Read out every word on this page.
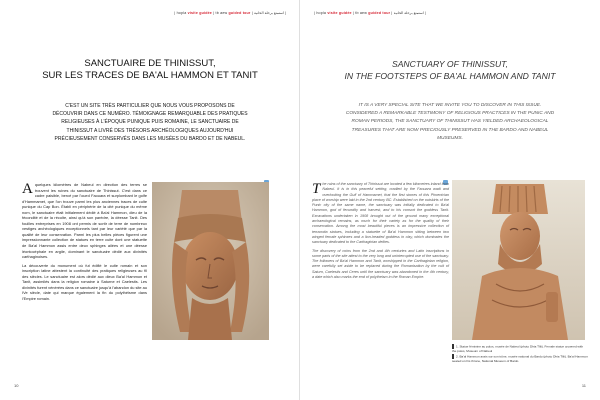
| hopla visite guidée | tb aew guided tour | استمتع برحلة الحانية |
SANCTUAIRE DE THINISSUT,
SUR LES TRACES DE BA'AL HAMMON ET TANIT
C'EST UN SITE TRÈS PARTICULIER QUE NOUS VOUS PROPOSONS DE DÉCOUVRIR DANS CE NUMÉRO. TÉMOIGNAGE REMARQUABLE DES PRATIQUES RELIGIEUSES À L'ÉPOQUE PUNIQUE PUIS ROMAINE, LE SANCTUAIRE DE THINISSUT A LIVRÉ DES TRÉSORS ARCHÉOLOGIQUES AUJOURD'HUI PRÉCIEUSEMENT CONSERVÉS DANS LES MUSÉES DU BARDO ET DE NABEUL.

Aquelques kilomètres de Nabeul en direction des terres se trouvent les ruines du sanctuaire de Thinissut. C'est dans ce cadre paisible, bercé par l'oued Faouara et surplombant le golfe d'Hammamet, que l'on trouve parmi les plus anciennes traces de culte punique du Cap Bon. Établi en périphérie de la cité punique du même nom, le sanctuaire était initialement dédié à Ba'al Hammon, dieu de la fécondité et de la récolte, ainsi qu'à son parèdre, la déesse Tanit. Des fouilles entreprises en 1908 ont permis de sortir de terre de nombreux vestiges archéologiques exceptionnels tant par leur variété que par la qualité de leur conservation. Parmi les plus belles pièces figurent une impressionnante collection de statues en terre cuite dont une statuette de Ba'al Hammon assis entre deux sphinges ailées et une déesse léontocéphale en argile, dominant le sanctuaire dédié aux divinités carthaginoises.

La découverte du monument où fut édifié le culte romain et son inscription latine attestent la continuité des pratiques religieuses au fil des siècles. Le sanctuaire est alors dédié aux dieux Ba'al Hammon et Tanit, assimilés dans la religion romaine à Saturne et Caelestis. Les divinités furent vénérées dans ce sanctuaire jusqu'à l'abandon du site au IVe siècle, date qui marque également la fin du polythéisme dans l'Empire romain.

10
| hopla visite guidée | tb aew guided tour | استمتع برحلة الحانية |
SANCTUARY OF THINISSUT,
IN THE FOOTSTEPS OF BA'AL HAMMON AND TANIT
IT IS A VERY SPECIAL SITE THAT WE INVITE YOU TO DISCOVER IN THIS ISSUE. CONSIDERED A REMARKABLE TESTIMONY OF RELIGIOUS PRACTICES IN THE PUNIC AND ROMAN PERIODS, THE SANCTUARY OF THINISSUT HAS YIELDED ARCHAEOLOGICAL TREASURES THAT ARE NOW PRECIOUSLY PRESERVED IN THE BARDO AND NABEUL MUSEUMS.

The ruins of the sanctuary of Thinissut are located a few kilometres inland from Nabeul. It is in this peaceful setting, cradled by the Faouara wadi and overlooking the Gulf of Hammamet, that the first stones of this Phoenician place of worship were laid in the 2nd century BC. Established on the outskirts of the Punic city of the same name, the sanctuary was initially dedicated to Ba'al Hammon, god of fecundity and harvest, and to his consort the goddess Tanit. Excavations undertaken in 1908 brought out of the ground many exceptional archaeological remains, as much for their variety as for the quality of their conservation. Among the most beautiful pieces is an impressive collection of terracotta statues, including a statuette of Ba'al Hammon sitting between two winged female sphinxes and a lion-headed goddess in clay, which dominates the sanctuary dedicated to the Carthaginian deities.

The discovery of coins from the 2nd and 4th centuries and Latin inscriptions in some parts of the site attest to the very long and uninterrupted use of the sanctuary. The followers of Ba'al Hammon and Tanit, worshipped in the Carthaginian religion, were carefully set aside to be replaced during the Romanisation by the cult of Saturn, Caelestis and Ceres until the sanctuary was abandoned in the 4th century, a date which also marks the end of polytheism in the Roman Empire.

1. Statue féminine au polos, musée de Nabeul (photo Dhia Tlili). Female statue crowned with the polos, Museum of Nabeul

2. Ba'al Hammon assis sur son trône, musée national du Bardo (photo Dhia Tlili). Ba'al Hammon seated on his throne, National Museum of Bardo

11
